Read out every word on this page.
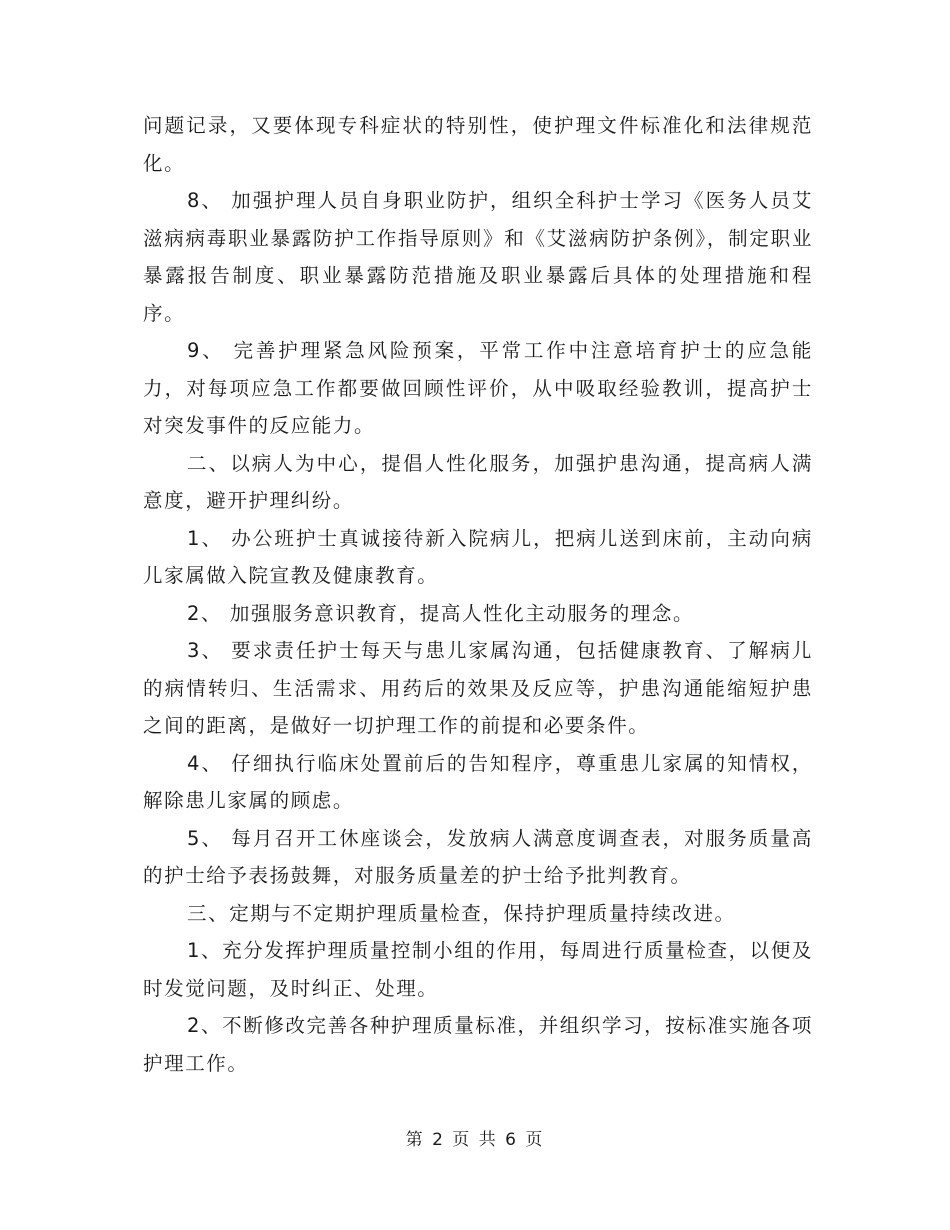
问题记录，又要体现专科症状的特别性，使护理文件标准化和法律规范化。

8、 加强护理人员自身职业防护，组织全科护士学习《医务人员艾滋病病毒职业暴露防护工作指导原则》和《艾滋病防护条例》，制定职业暴露报告制度、职业暴露防范措施及职业暴露后具体的处理措施和程序。

9、 完善护理紧急风险预案，平常工作中注意培育护士的应急能力，对每项应急工作都要做回顾性评价，从中吸取经验教训，提高护士对突发事件的反应能力。

二、以病人为中心，提倡人性化服务，加强护患沟通，提高病人满意度，避开护理纠纷。

1、 办公班护士真诚接待新入院病儿，把病儿送到床前，主动向病儿家属做入院宣教及健康教育。

2、 加强服务意识教育，提高人性化主动服务的理念。

3、 要求责任护士每天与患儿家属沟通，包括健康教育、了解病儿的病情转归、生活需求、用药后的效果及反应等，护患沟通能缩短护患之间的距离，是做好一切护理工作的前提和必要条件。

4、 仔细执行临床处置前后的告知程序，尊重患儿家属的知情权，解除患儿家属的顾虑。

5、 每月召开工休座谈会，发放病人满意度调查表，对服务质量高的护士给予表扬鼓舞，对服务质量差的护士给予批判教育。

三、定期与不定期护理质量检查，保持护理质量持续改进。

1、充分发挥护理质量控制小组的作用，每周进行质量检查，以便及时发觉问题，及时纠正、处理。

2、不断修改完善各种护理质量标准，并组织学习，按标准实施各项护理工作。

第 2 页 共 6 页
